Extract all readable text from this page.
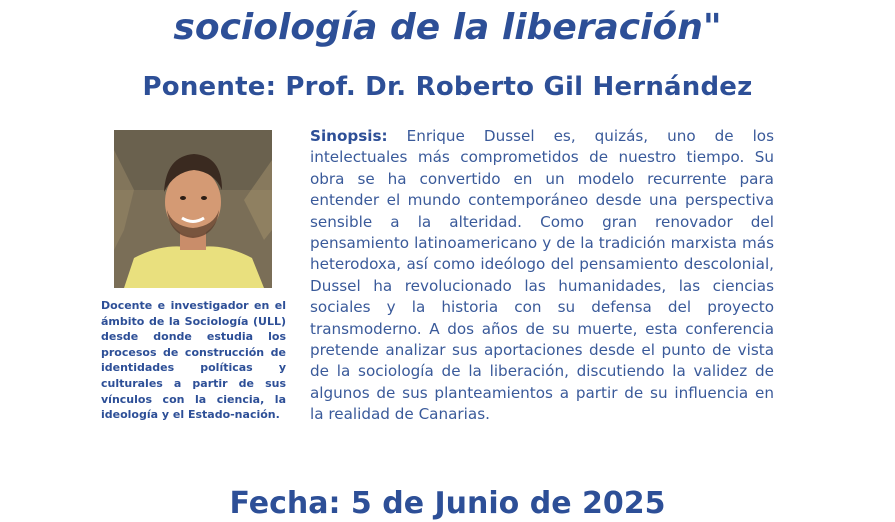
sociología de la liberación"
Ponente: Prof. Dr. Roberto Gil Hernández
Docente e investigador en el ámbito de la Sociología (ULL) desde donde estudia los procesos de construcción de identidades políticas y culturales a partir de sus vínculos con la ciencia, la ideología y el Estado-nación.
Sinopsis: Enrique Dussel es, quizás, uno de los intelectuales más comprometidos de nuestro tiempo. Su obra se ha convertido en un modelo recurrente para entender el mundo contemporáneo desde una perspectiva sensible a la alteridad. Como gran renovador del pensamiento latinoamericano y de la tradición marxista más heterodoxa, así como ideólogo del pensamiento descolonial, Dussel ha revolucionado las humanidades, las ciencias sociales y la historia con su defensa del proyecto transmoderno. A dos años de su muerte, esta conferencia pretende analizar sus aportaciones desde el punto de vista de la sociología de la liberación, discutiendo la validez de algunos de sus planteamientos a partir de su influencia en la realidad de Canarias.
Fecha: 5 de Junio de 2025
